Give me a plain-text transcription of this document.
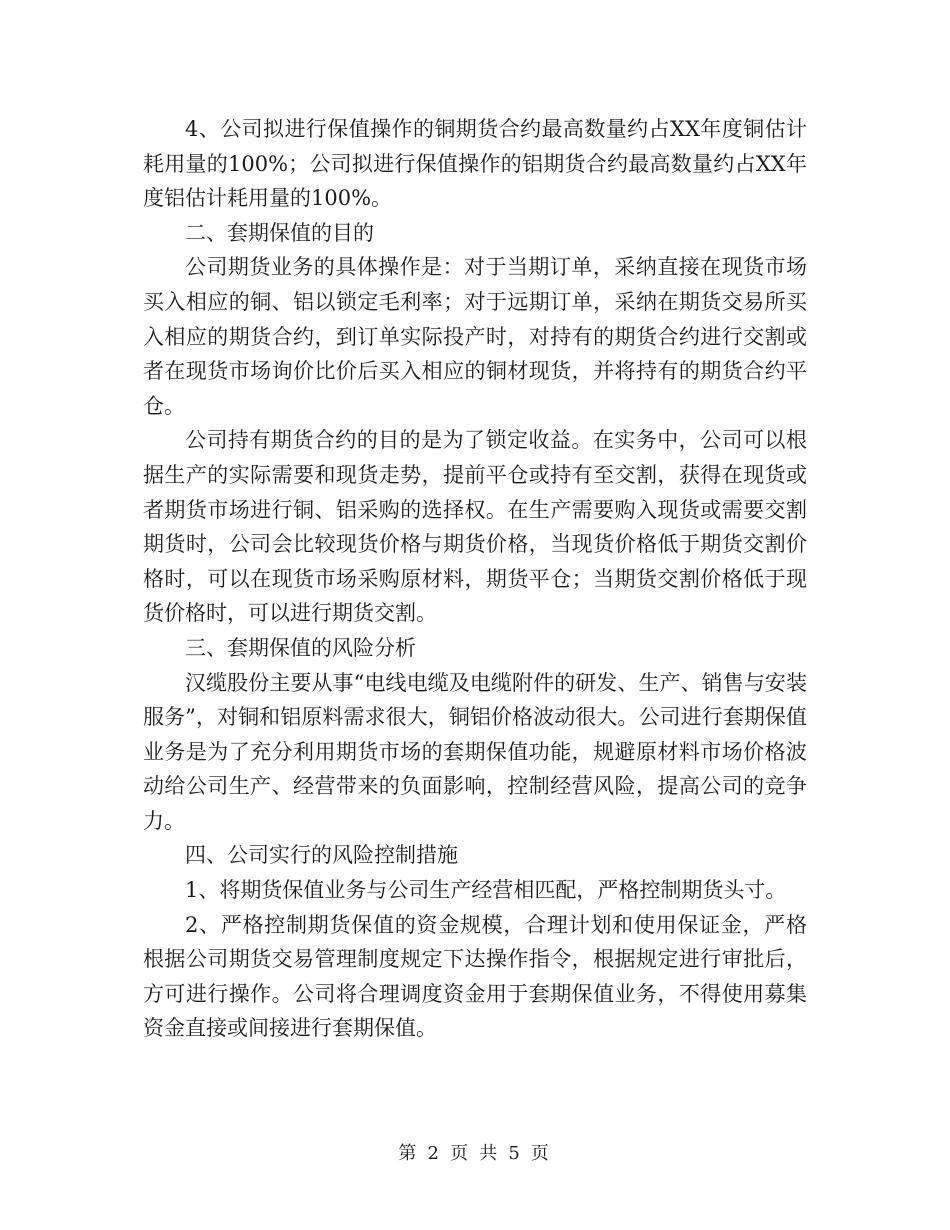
4、公司拟进行保值操作的铜期货合约最高数量约占XX年度铜估计耗用量的100%；公司拟进行保值操作的铝期货合约最高数量约占XX年度铝估计耗用量的100%。

二、套期保值的目的

公司期货业务的具体操作是：对于当期订单，采纳直接在现货市场买入相应的铜、铝以锁定毛利率；对于远期订单，采纳在期货交易所买入相应的期货合约，到订单实际投产时，对持有的期货合约进行交割或者在现货市场询价比价后买入相应的铜材现货，并将持有的期货合约平仓。

公司持有期货合约的目的是为了锁定收益。在实务中，公司可以根据生产的实际需要和现货走势，提前平仓或持有至交割，获得在现货或者期货市场进行铜、铝采购的选择权。在生产需要购入现货或需要交割期货时，公司会比较现货价格与期货价格，当现货价格低于期货交割价格时，可以在现货市场采购原材料，期货平仓；当期货交割价格低于现货价格时，可以进行期货交割。

三、套期保值的风险分析

汉缆股份主要从事“电线电缆及电缆附件的研发、生产、销售与安装服务”，对铜和铝原料需求很大，铜铝价格波动很大。公司进行套期保值业务是为了充分利用期货市场的套期保值功能，规避原材料市场价格波动给公司生产、经营带来的负面影响，控制经营风险，提高公司的竞争力。

四、公司实行的风险控制措施

1、将期货保值业务与公司生产经营相匹配，严格控制期货头寸。

2、严格控制期货保值的资金规模，合理计划和使用保证金，严格根据公司期货交易管理制度规定下达操作指令，根据规定进行审批后，方可进行操作。公司将合理调度资金用于套期保值业务，不得使用募集资金直接或间接进行套期保值。

第 2 页 共 5 页
